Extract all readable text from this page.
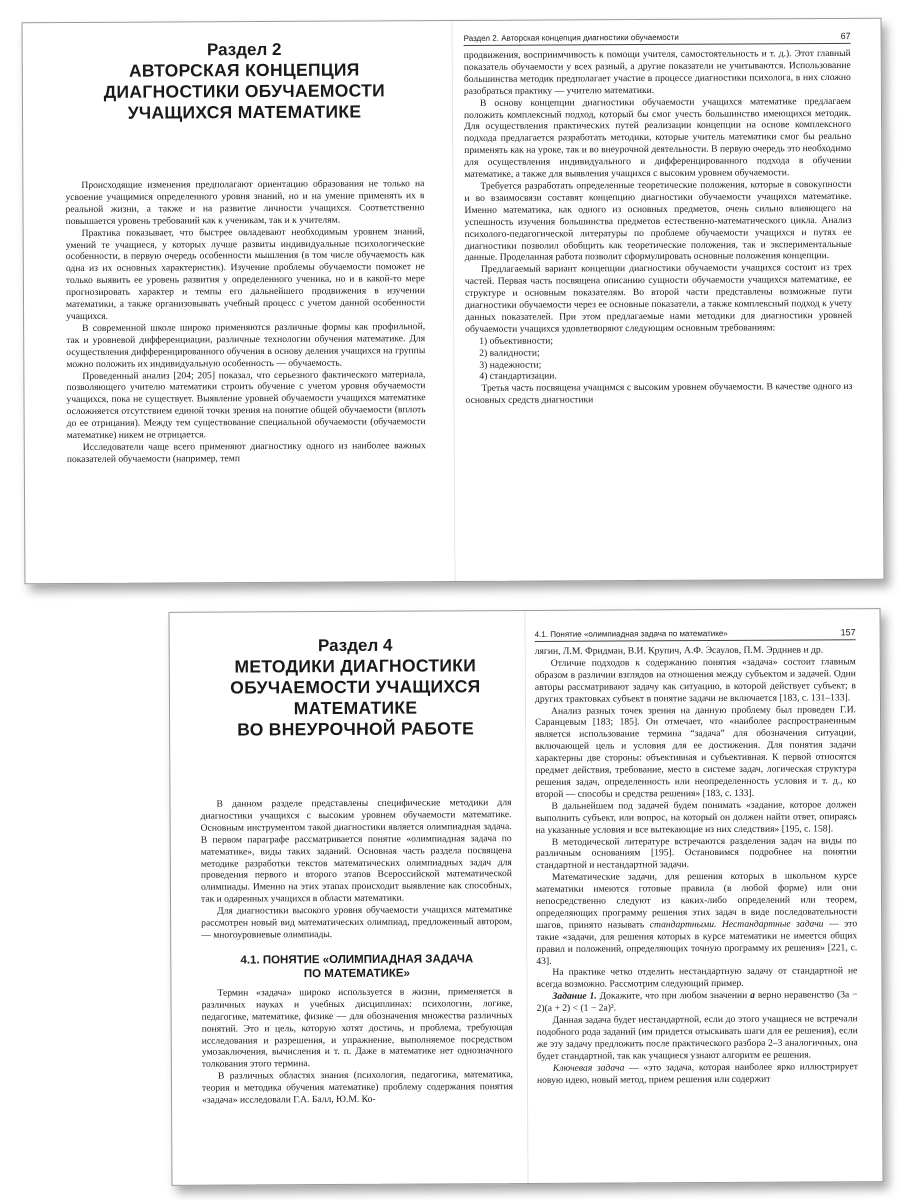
Раздел 2
АВТОРСКАЯ КОНЦЕПЦИЯ
ДИАГНОСТИКИ ОБУЧАЕМОСТИ
УЧАЩИХСЯ МАТЕМАТИКЕ

Происходящие изменения предполагают ориентацию образования не только на усвоение учащимися определенного уровня знаний, но и на умение применять их в реальной жизни, а также и на развитие личности учащихся. Соответственно повышается уровень требований как к ученикам, так и к учителям.

Практика показывает, что быстрее овладевают необходимым уровнем знаний, умений те учащиеся, у которых лучше развиты индивидуальные психологические особенности, в первую очередь особенности мышления (в том числе обучаемость как одна из их основных характеристик). Изучение проблемы обучаемости поможет не только выявить ее уровень развития у определенного ученика, но и в какой-то мере прогнозировать характер и темпы его дальнейшего продвижения в изучении математики, а также организовывать учебный процесс с учетом данной особенности учащихся.

В современной школе широко применяются различные формы как профильной, так и уровневой дифференциации, различные технологии обучения математике. Для осуществления дифференцированного обучения в основу деления учащихся на группы можно положить их индивидуальную особенность — обучаемость.

Проведенный анализ [204; 205] показал, что серьезного фактического материала, позволяющего учителю математики строить обучение с учетом уровня обучаемости учащихся, пока не существует. Выявление уровней обучаемости учащихся математике осложняется отсутствием единой точки зрения на понятие общей обучаемости (вплоть до ее отрицания). Между тем существование специальной обучаемости (обучаемости математике) никем не отрицается.

Исследователи чаще всего применяют диагностику одного из наиболее важных показателей обучаемости (например, темп

Раздел 2. Авторская концепция диагностики обучаемости	67

продвижения, восприимчивость к помощи учителя, самостоятельность и т. д.). Этот главный показатель обучаемости у всех разный, а другие показатели не учитываются. Использование большинства методик предполагает участие в процессе диагностики психолога, в них сложно разобраться практику — учителю математики.

В основу концепции диагностики обучаемости учащихся математике предлагаем положить комплексный подход, который бы смог учесть большинство имеющихся методик. Для осуществления практических путей реализации концепции на основе комплексного подхода предлагается разработать методики, которые учитель математики смог бы реально применять как на уроке, так и во внеурочной деятельности. В первую очередь это необходимо для осуществления индивидуального и дифференцированного подхода в обучении математике, а также для выявления учащихся с высоким уровнем обучаемости.

Требуется разработать определенные теоретические положения, которые в совокупности и во взаимосвязи составят концепцию диагностики обучаемости учащихся математике. Именно математика, как одного из основных предметов, очень сильно влияющего на успешность изучения большинства предметов естественно-математического цикла. Анализ психолого-педагогической литературы по проблеме обучаемости учащихся и путях ее диагностики позволил обобщить как теоретические положения, так и экспериментальные данные. Проделанная работа позволит сформулировать основные положения концепции.

Предлагаемый вариант концепции диагностики обучаемости учащихся состоит из трех частей. Первая часть посвящена описанию сущности обучаемости учащихся математике, ее структуре и основным показателям. Во второй части представлены возможные пути диагностики обучаемости через ее основные показатели, а также комплексный подход к учету данных показателей. При этом предлагаемые нами методики для диагностики уровней обучаемости учащихся удовлетворяют следующим основным требованиям:

1) объективности;

2) валидности;

3) надежности;

4) стандартизации.

Третья часть посвящена учащимся с высоким уровнем обучаемости. В качестве одного из основных средств диагностики

Раздел 4
МЕТОДИКИ ДИАГНОСТИКИ
ОБУЧАЕМОСТИ УЧАЩИХСЯ
МАТЕМАТИКЕ
ВО ВНЕУРОЧНОЙ РАБОТЕ

В данном разделе представлены специфические методики для диагностики учащихся с высоким уровнем обучаемости математике. Основным инструментом такой диагностики является олимпиадная задача. В первом параграфе рассматривается понятие «олимпиадная задача по математике», виды таких заданий. Основная часть раздела посвящена методике разработки текстов математических олимпиадных задач для проведения первого и второго этапов Всероссийской математической олимпиады. Именно на этих этапах происходит выявление как способных, так и одаренных учащихся в области математики.

Для диагностики высокого уровня обучаемости учащихся математике рассмотрен новый вид математических олимпиад, предложенный автором, — многоуровневые олимпиады.

4.1. ПОНЯТИЕ «ОЛИМПИАДНАЯ ЗАДАЧА
ПО МАТЕМАТИКЕ»

Термин «задача» широко используется в жизни, применяется в различных науках и учебных дисциплинах: психологии, логике, педагогике, математике, физике — для обозначения множества различных понятий. Это и цель, которую хотят достичь, и проблема, требующая исследования и разрешения, и упражнение, выполняемое посредством умозаключения, вычисления и т. п. Даже в математике нет однозначного толкования этого термина.

В различных областях знания (психология, педагогика, математика, теория и методика обучения математике) проблему содержания понятия «задача» исследовали Г.А. Балл, Ю.М. Ко-

4.1. Понятие «олимпиадная задача по математике»	157

лягин, Л.М. Фридман, В.И. Крупич, А.Ф. Эсаулов, П.М. Эрдниев и др.

Отличие подходов к содержанию понятия «задача» состоит главным образом в различии взглядов на отношения между субъектом и задачей. Одни авторы рассматривают задачу как ситуацию, в которой действует субъект; в других трактовках субъект в понятие задачи не включается [183, с. 131–133].

Анализ разных точек зрения на данную проблему был проведен Г.И. Саранцевым [183; 185]. Он отмечает, что «наиболее распространенным является использование термина “задача” для обозначения ситуации, включающей цель и условия для ее достижения. Для понятия задачи характерны две стороны: объективная и субъективная. К первой относятся предмет действия, требование, место в системе задач, логическая структура решения задач, определенность или неопределенность условия и т. д., ко второй — способы и средства решения» [183, с. 133].

В дальнейшем под задачей будем понимать «задание, которое должен выполнить субъект, или вопрос, на который он должен найти ответ, опираясь на указанные условия и все вытекающие из них следствия» [195, с. 158].

В методической литературе встречаются разделения задач на виды по различным основаниям [195]. Остановимся подробнее на понятии стандартной и нестандартной задачи.

Математические задачи, для решения которых в школьном курсе математики имеются готовые правила (в любой форме) или они непосредственно следуют из каких-либо определений или теорем, определяющих программу решения этих задач в виде последовательности шагов, принято называть стандартными. Нестандартные задачи — это такие «задачи, для решения которых в курсе математики не имеется общих правил и положений, определяющих точную программу их решения» [221, с. 43].

На практике четко отделить нестандартную задачу от стандартной не всегда возможно. Рассмотрим следующий пример.

Задание 1. Докажите, что при любом значении a верно неравенство (3a − 2)(a + 2) < (1 − 2a)².

Данная задача будет нестандартной, если до этого учащиеся не встречали подобного рода заданий (им придется отыскивать шаги для ее решения), если же эту задачу предложить после практического разбора 2–3 аналогичных, она будет стандартной, так как учащиеся узнают алгоритм ее решения.

Ключевая задача — «это задача, которая наиболее ярко иллюстрирует новую идею, новый метод, прием решения или содержит
